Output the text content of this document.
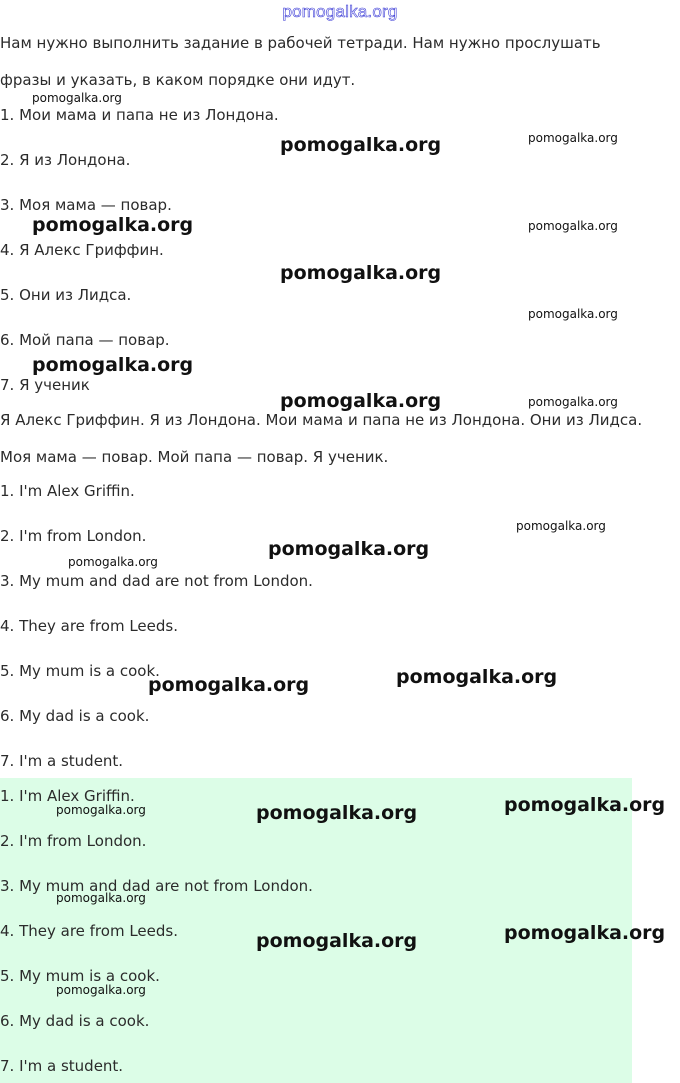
pomogalka.org
Нам нужно выполнить задание в рабочей тетради. Нам нужно прослушать
фразы и указать, в каком порядке они идут.
1. Мои мама и папа не из Лондона.
2. Я из Лондона.
3. Моя мама — повар.
4. Я Алекс Гриффин.
5. Они из Лидса.
6. Мой папа — повар.
7. Я ученик
Я Алекс Гриффин. Я из Лондона. Мои мама и папа не из Лондона. Они из Лидса.
Моя мама — повар. Мой папа — повар. Я ученик.
1. I'm Alex Griffin.
2. I'm from London.
3. My mum and dad are not from London.
4. They are from Leeds.
5. My mum is a cook.
6. My dad is a cook.
7. I'm a student.
1. I'm Alex Griffin.
2. I'm from London.
3. My mum and dad are not from London.
4. They are from Leeds.
5. My mum is a cook.
6. My dad is a cook.
7. I'm a student.
pomogalka.org
pomogalka.org	pomogalka.org
pomogalka.org	pomogalka.org
pomogalka.org
pomogalka.org
pomogalka.org
pomogalka.org	pomogalka.org
pomogalka.org
pomogalka.org
pomogalka.org
pomogalka.org
pomogalka.org
pomogalka.org
pomogalka.org	pomogalka.org
pomogalka.org
pomogalka.org
pomogalka.org
pomogalka.org
